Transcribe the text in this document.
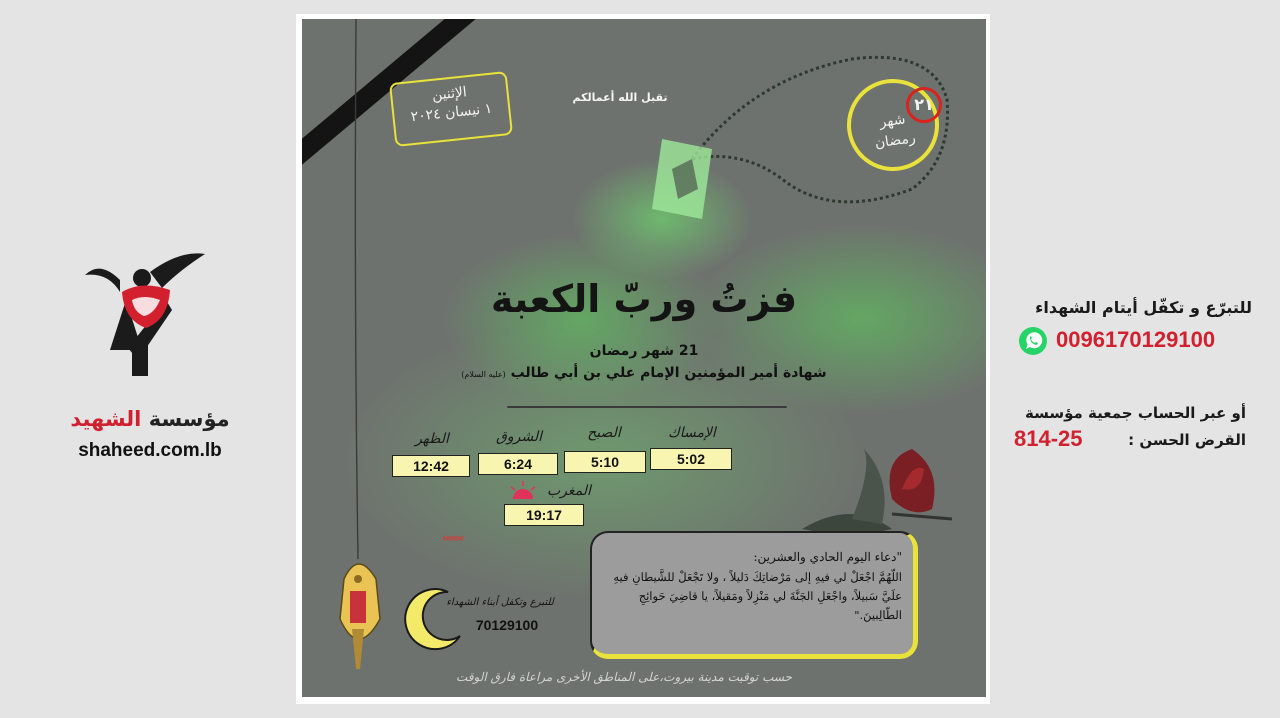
مؤسسة الشهيد
shaheed.com.lb
الإثنين
١ نيسان ٢٠٢٤
تقبل الله أعمالكم
شهر
رمضان
٢١
فزتُ وربّ الكعبة
21 شهر رمضان
شهادة أمير المؤمنين الإمام علي بن أبي طالب (عليه السلام)
الظهر
12:42
الشروق
6:24
الصبح
5:10
الإمساك
5:02
المغرب
19:17
‹‹‹‹‹‹‹
"دعاء اليوم الحادي والعشرين:
اللّهُمَّ اجْعَلْ لي فيهِ إلى مَرْضاتِكَ دَليلاً ، ولا تَجْعَلْ للشَّيطانِ فيهِ علَيَّ سَبيلاً، واجْعَلِ الجَنَّةَ لي مَنْزِلاً ومَقيلاً، يا قاضِيَ حَوائِجِ الطّالِبينَ."
للتبرع وتكفل أبناء الشهداء
70129100
حسب توقيت مدينة بيروت،على المناطق الأخرى مراعاة فارق الوقت
للتبرّع و تكفّل أيتام الشهداء
0096170129100
أو عبر الحساب جمعية مؤسسة
القرض الحسن :
814-25
